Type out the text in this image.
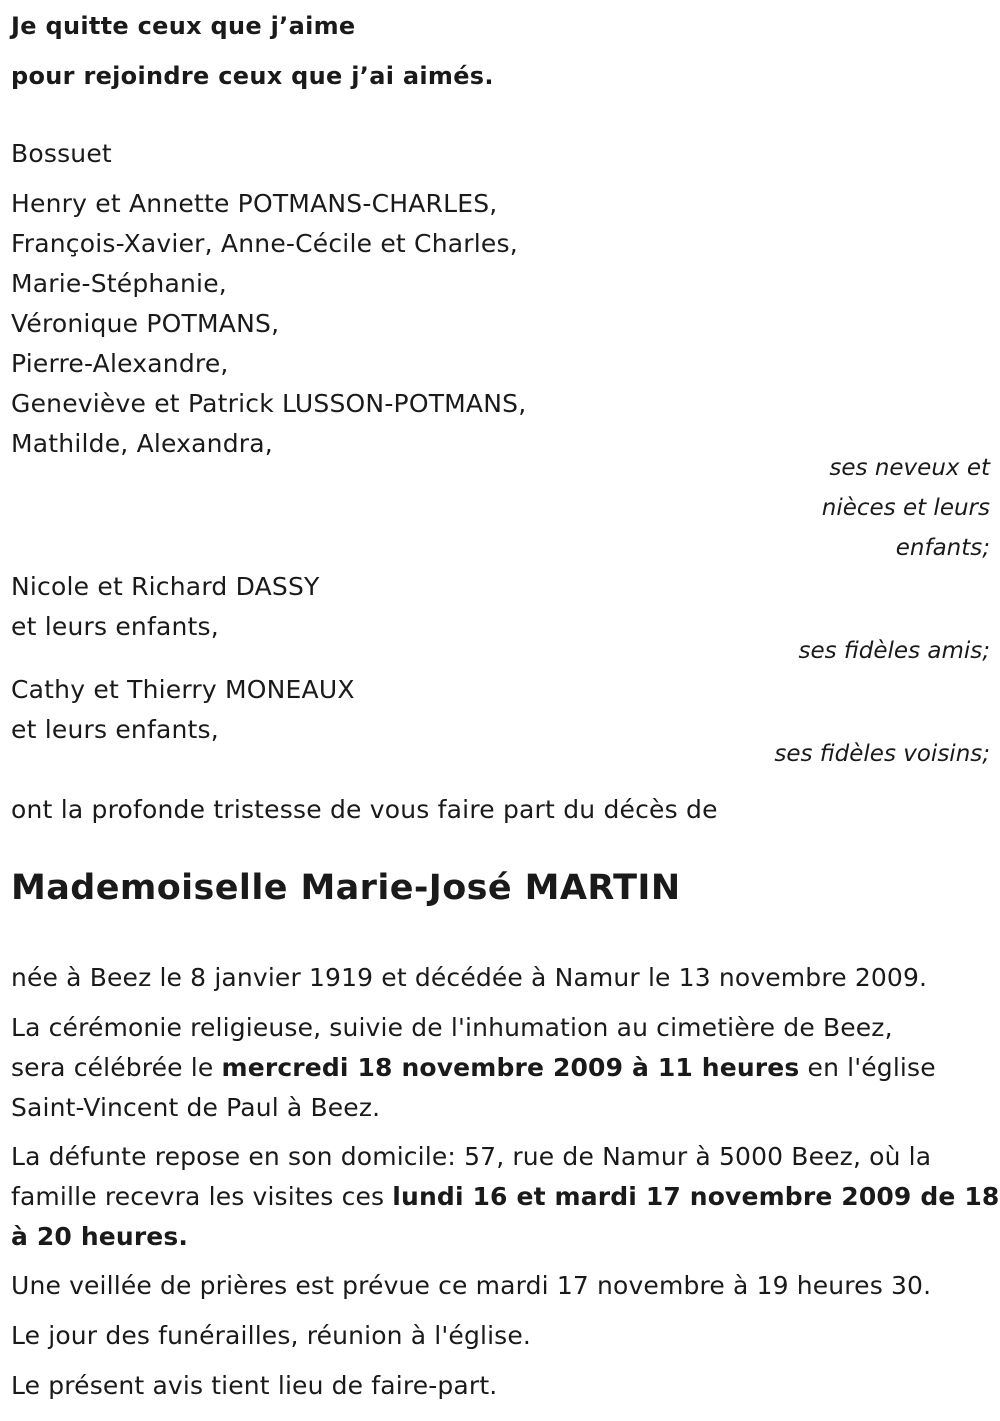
Je quitte ceux que j’aime
pour rejoindre ceux que j’ai aimés.
Bossuet
Henry et Annette POTMANS-CHARLES,
François-Xavier, Anne-Cécile et Charles,
Marie-Stéphanie,
Véronique POTMANS,
Pierre-Alexandre,
Geneviève et Patrick LUSSON-POTMANS,
Mathilde, Alexandra,
ses neveux et
nièces et leurs
enfants;
Nicole et Richard DASSY
et leurs enfants,
ses fidèles amis;
Cathy et Thierry MONEAUX
et leurs enfants,
ses fidèles voisins;
ont la profonde tristesse de vous faire part du décès de
Mademoiselle Marie-José MARTIN
née à Beez le 8 janvier 1919 et décédée à Namur le 13 novembre 2009.
La cérémonie religieuse, suivie de l'inhumation au cimetière de Beez,
sera célébrée le mercredi 18 novembre 2009 à 11 heures en l'église
Saint-Vincent de Paul à Beez.
La défunte repose en son domicile: 57, rue de Namur à 5000 Beez, où la
famille recevra les visites ces lundi 16 et mardi 17 novembre 2009 de 18
à 20 heures.
Une veillée de prières est prévue ce mardi 17 novembre à 19 heures 30.
Le jour des funérailles, réunion à l'église.
Le présent avis tient lieu de faire-part.
